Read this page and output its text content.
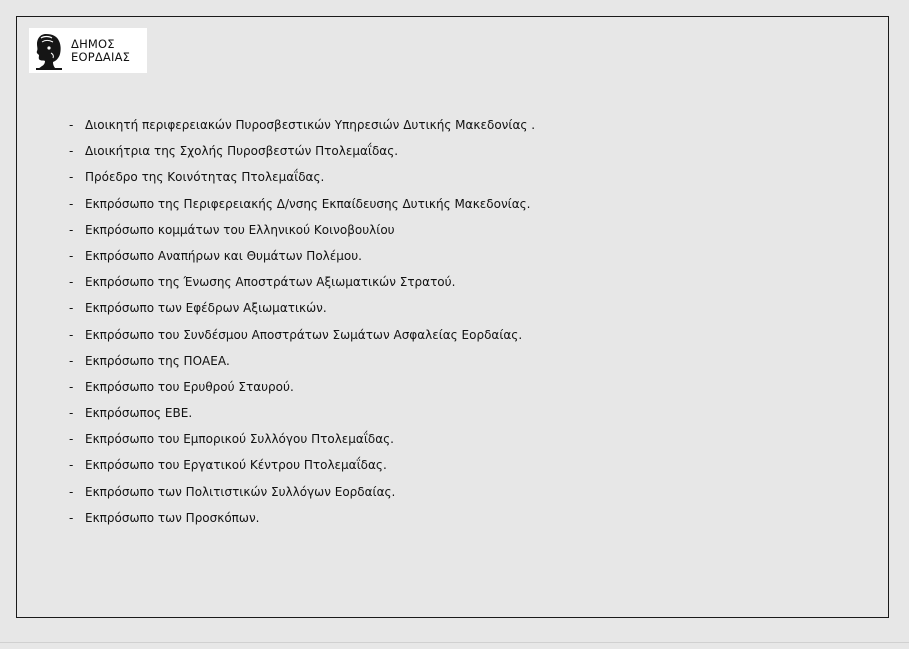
ΔΗΜΟΣ
ΕΟΡΔΑΙΑΣ
- Διοικητή περιφερειακών Πυροσβεστικών Υπηρεσιών Δυτικής Μακεδονίας .
- Διοικήτρια της Σχολής Πυροσβεστών Πτολεμαΐδας.
- Πρόεδρο της Κοινότητας Πτολεμαΐδας.
- Εκπρόσωπο της Περιφερειακής Δ/νσης Εκπαίδευσης Δυτικής Μακεδονίας.
- Εκπρόσωπο κομμάτων του Ελληνικού Κοινοβουλίου
- Εκπρόσωπο Αναπήρων και Θυμάτων Πολέμου.
- Εκπρόσωπο της Ένωσης Αποστράτων Αξιωματικών Στρατού.
- Εκπρόσωπο των Εφέδρων Αξιωματικών.
- Εκπρόσωπο του Συνδέσμου Αποστράτων Σωμάτων Ασφαλείας Εορδαίας.
- Εκπρόσωπο της ΠΟΑΕΑ.
- Εκπρόσωπο του Ερυθρού Σταυρού.
- Εκπρόσωπος ΕΒΕ.
- Εκπρόσωπο του Εμπορικού Συλλόγου Πτολεμαΐδας.
- Εκπρόσωπο του Εργατικού Κέντρου Πτολεμαΐδας.
- Εκπρόσωπο των Πολιτιστικών Συλλόγων Εορδαίας.
- Εκπρόσωπο των Προσκόπων.
